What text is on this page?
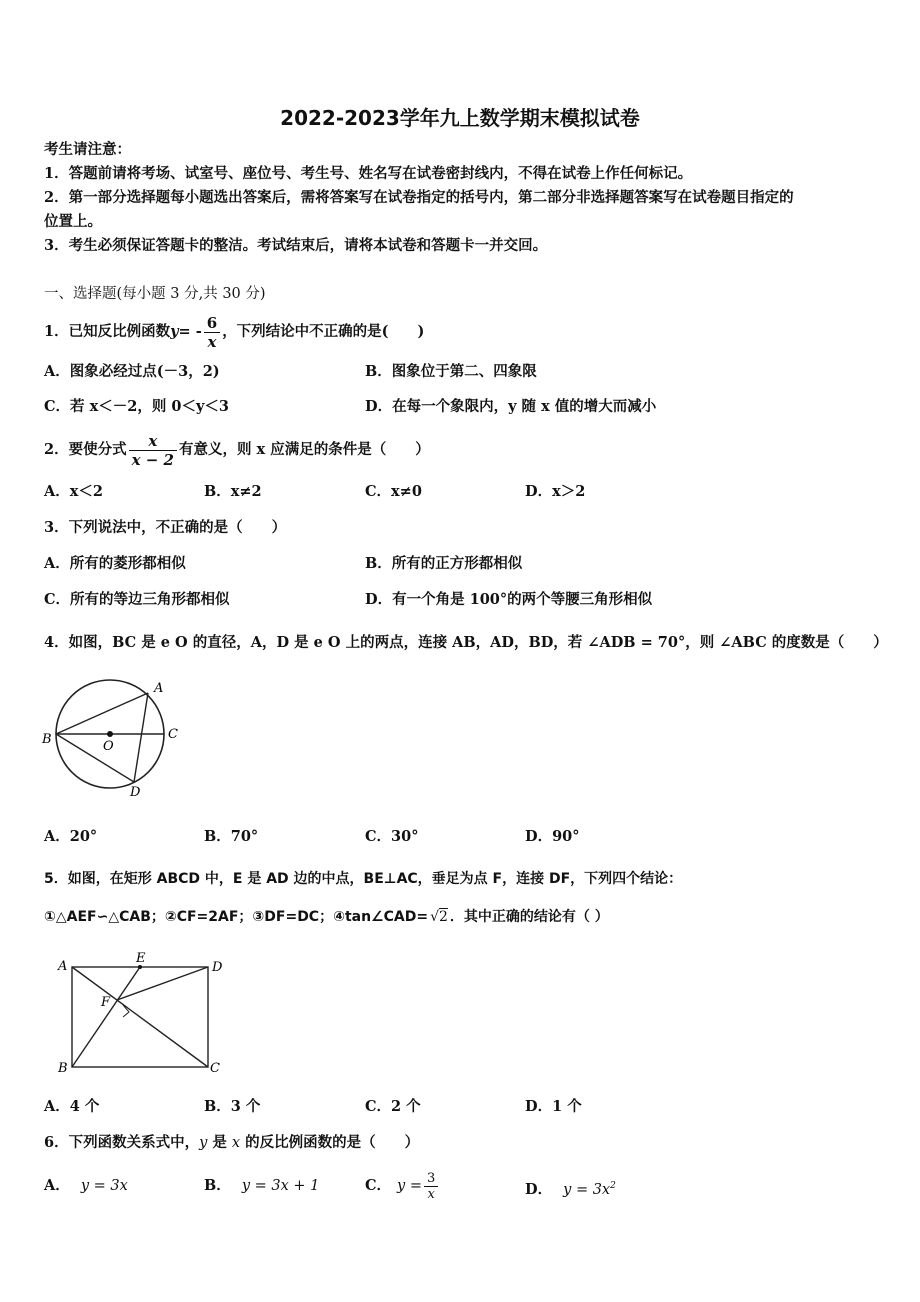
2022-2023学年九上数学期末模拟试卷
考生请注意：
1．答题前请将考场、试室号、座位号、考生号、姓名写在试卷密封线内，不得在试卷上作任何标记。
2．第一部分选择题每小题选出答案后，需将答案写在试卷指定的括号内，第二部分非选择题答案写在试卷题目指定的
位置上。
3．考生必须保证答题卡的整洁。考试结束后，请将本试卷和答题卡一并交回。
一、选择题(每小题 3 分,共 30 分)
1．已知反比例函数 y = - $\frac{6}{x}$ ，下列结论中不正确的是(　　)
A．图象必经过点(－3，2)	B．图象位于第二、四象限
C．若 x＜－2，则 0＜y＜3	D．在每一个象限内，y 随 x 值的增大而减小
2．要使分式 $\frac{x}{x - 2}$ 有意义，则 x 应满足的条件是（　　）
A．x＜2	B．x≠2	C．x≠0	D．x＞2
3．下列说法中，不正确的是（　　）
A．所有的菱形都相似	B．所有的正方形都相似
C．所有的等边三角形都相似	D．有一个角是 100°的两个等腰三角形相似
4．如图，BC 是 e O 的直径，A，D 是 e O 上的两点，连接 AB，AD，BD，若 ∠ADB = 70°，则 ∠ABC 的度数是（　　）
A
B	C
D
O
A．20°	B．70°	C．30°	D．90°
5．如图，在矩形 ABCD 中，E 是 AD 边的中点，BE⊥AC，垂足为点 F，连接 DF，下列四个结论：
①△AEF∽△CAB；②CF=2AF；③DF=DC；④tan∠CAD= √2 ．其中正确的结论有（ ）
A
E
D
F
B	C
A．4 个	B．3 个	C．2 个	D．1 个
6．下列函数关系式中，y 是 x 的反比例函数的是（　　）
A． y = 3x	B． y = 3x + 1	C． $y = \frac{3}{x}$	D． $y = 3x^2$
